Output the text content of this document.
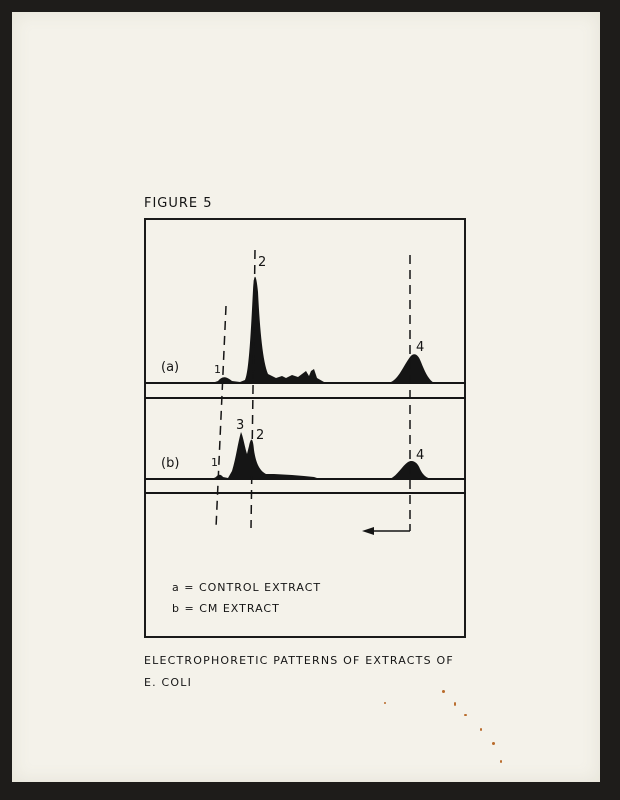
FIGURE 5
(a)
(b)
1
2
4
1
3
2
4
a = CONTROL EXTRACT
b = CM EXTRACT
ELECTROPHORETIC PATTERNS OF EXTRACTS OF
E. COLI
